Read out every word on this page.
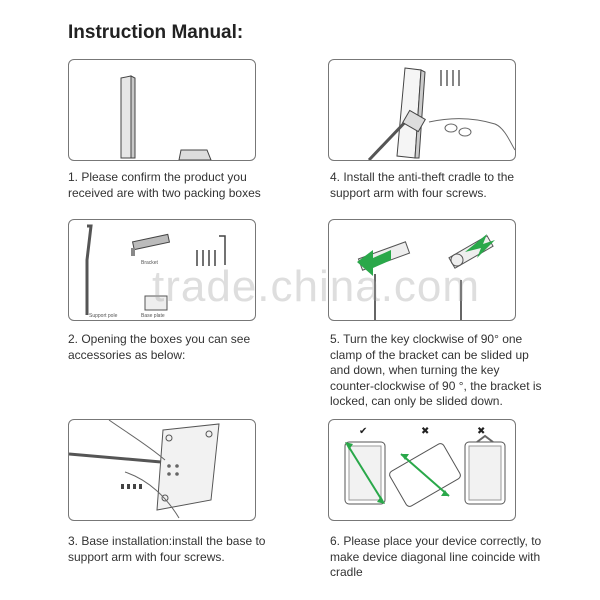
Instruction Manual:
1. Please confirm the product you received are with two packing boxes
Bracket
Support pole	Base plate
2. Opening the boxes you can see accessories as below:
3. Base installation:install the base to support arm with four screws.
4. Install the anti-theft cradle to the support arm with four screws.
5. Turn the key clockwise of 90° one clamp of the bracket can be slided up and down, when turning the key counter-clockwise of 90 °, the bracket is locked, can only be slided down.
✔	✖	✖
6. Please place your device correctly, to make device diagonal line coincide with cradle
trade.china.com
